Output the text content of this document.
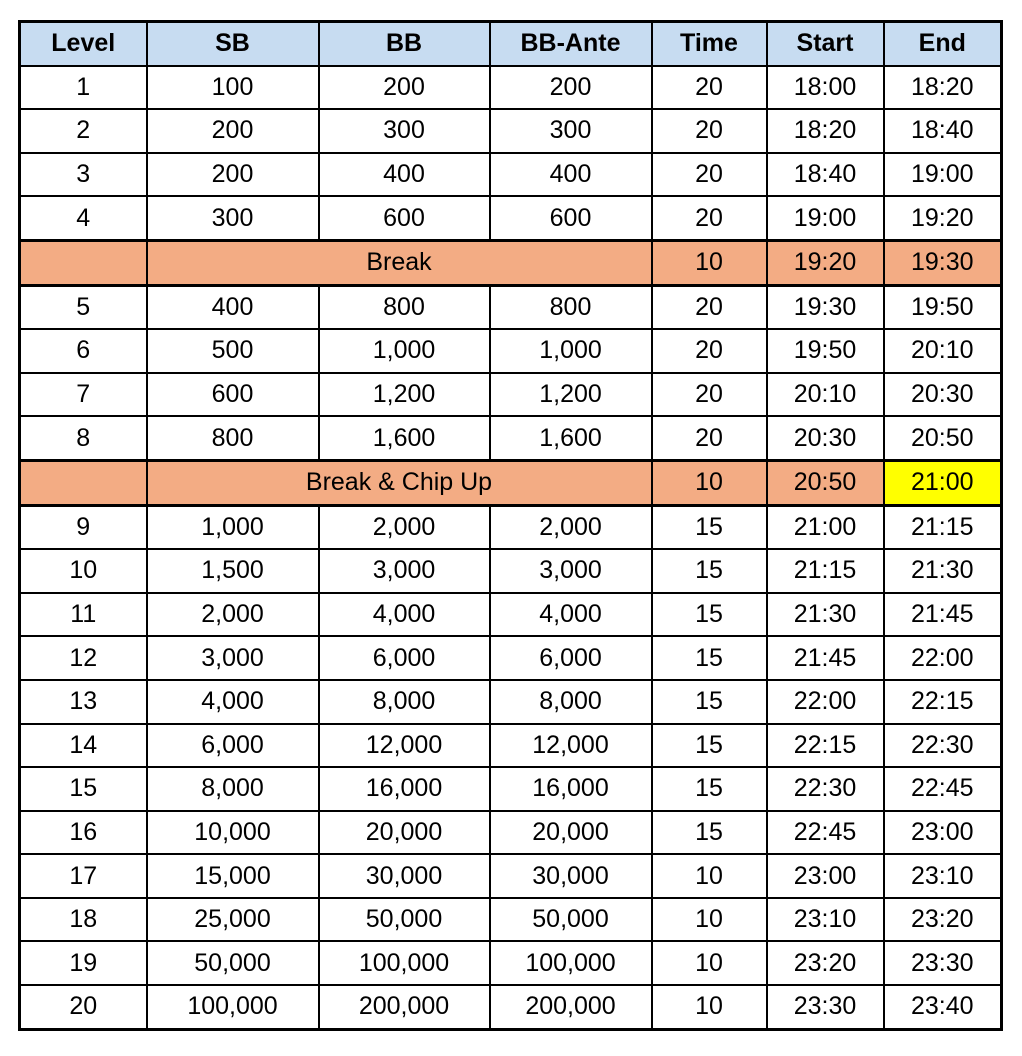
Level	SB	BB	BB-Ante	Time	Start	End
1	100	200	200	20	18:00	18:20
2	200	300	300	20	18:20	18:40
3	200	400	400	20	18:40	19:00
4	300	600	600	20	19:00	19:20
	Break			10	19:20	19:30
5	400	800	800	20	19:30	19:50
6	500	1,000	1,000	20	19:50	20:10
7	600	1,200	1,200	20	20:10	20:30
8	800	1,600	1,600	20	20:30	20:50
	Break & Chip Up			10	20:50	21:00
9	1,000	2,000	2,000	15	21:00	21:15
10	1,500	3,000	3,000	15	21:15	21:30
11	2,000	4,000	4,000	15	21:30	21:45
12	3,000	6,000	6,000	15	21:45	22:00
13	4,000	8,000	8,000	15	22:00	22:15
14	6,000	12,000	12,000	15	22:15	22:30
15	8,000	16,000	16,000	15	22:30	22:45
16	10,000	20,000	20,000	15	22:45	23:00
17	15,000	30,000	30,000	10	23:00	23:10
18	25,000	50,000	50,000	10	23:10	23:20
19	50,000	100,000	100,000	10	23:20	23:30
20	100,000	200,000	200,000	10	23:30	23:40
